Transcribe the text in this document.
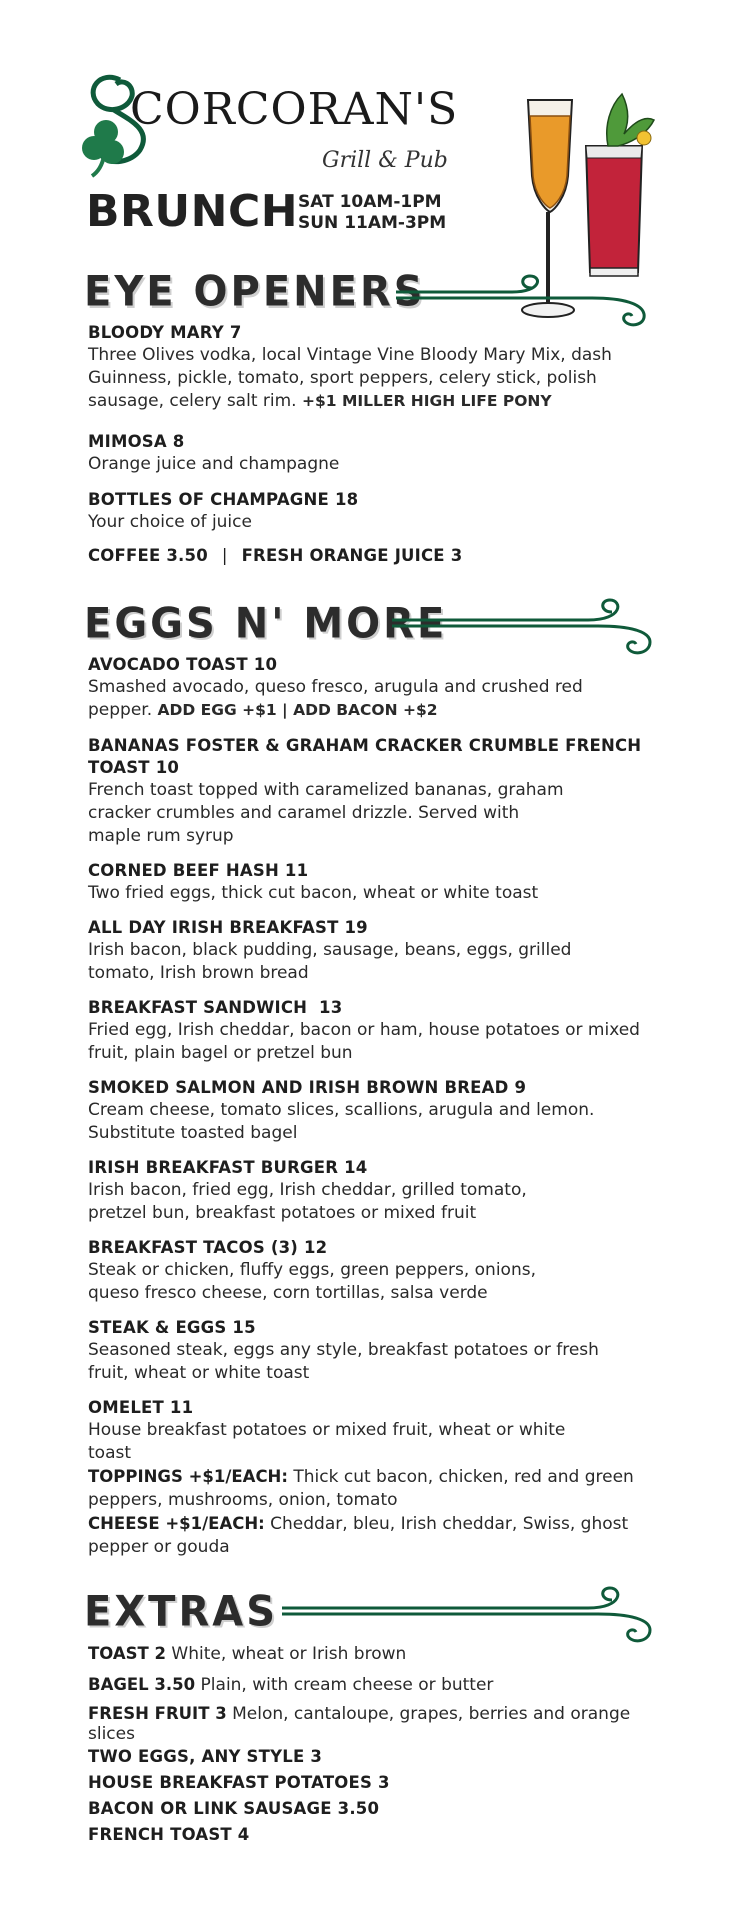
CORCORAN'S
Grill & Pub
BRUNCH SAT 10AM-1PM
SUN 11AM-3PM
EYE OPENERS
BLOODY MARY 7
Three Olives vodka, local Vintage Vine Bloody Mary Mix, dash Guinness, pickle, tomato, sport peppers, celery stick, polish sausage, celery salt rim. +$1 MILLER HIGH LIFE PONY
MIMOSA 8
Orange juice and champagne
BOTTLES OF CHAMPAGNE 18
Your choice of juice
COFFEE 3.50 | FRESH ORANGE JUICE 3
EGGS N' MORE
AVOCADO TOAST 10
Smashed avocado, queso fresco, arugula and crushed red pepper. ADD EGG +$1 | ADD BACON +$2
BANANAS FOSTER & GRAHAM CRACKER CRUMBLE FRENCH TOAST 10
French toast topped with caramelized bananas, graham cracker crumbles and caramel drizzle. Served with maple rum syrup
CORNED BEEF HASH 11
Two fried eggs, thick cut bacon, wheat or white toast
ALL DAY IRISH BREAKFAST 19
Irish bacon, black pudding, sausage, beans, eggs, grilled tomato, Irish brown bread
BREAKFAST SANDWICH  13
Fried egg, Irish cheddar, bacon or ham, house potatoes or mixed fruit, plain bagel or pretzel bun
SMOKED SALMON AND IRISH BROWN BREAD 9
Cream cheese, tomato slices, scallions, arugula and lemon. Substitute toasted bagel
IRISH BREAKFAST BURGER 14
Irish bacon, fried egg, Irish cheddar, grilled tomato, pretzel bun, breakfast potatoes or mixed fruit
BREAKFAST TACOS (3) 12
Steak or chicken, fluffy eggs, green peppers, onions, queso fresco cheese, corn tortillas, salsa verde
STEAK & EGGS 15
Seasoned steak, eggs any style, breakfast potatoes or fresh fruit, wheat or white toast
OMELET 11
House breakfast potatoes or mixed fruit, wheat or white toast
TOPPINGS +$1/EACH: Thick cut bacon, chicken, red and green peppers, mushrooms, onion, tomato
CHEESE +$1/EACH: Cheddar, bleu, Irish cheddar, Swiss, ghost pepper or gouda
EXTRAS
TOAST 2 White, wheat or Irish brown
BAGEL 3.50 Plain, with cream cheese or butter
FRESH FRUIT 3 Melon, cantaloupe, grapes, berries and orange slices
TWO EGGS, ANY STYLE 3
HOUSE BREAKFAST POTATOES 3
BACON OR LINK SAUSAGE 3.50
FRENCH TOAST 4
